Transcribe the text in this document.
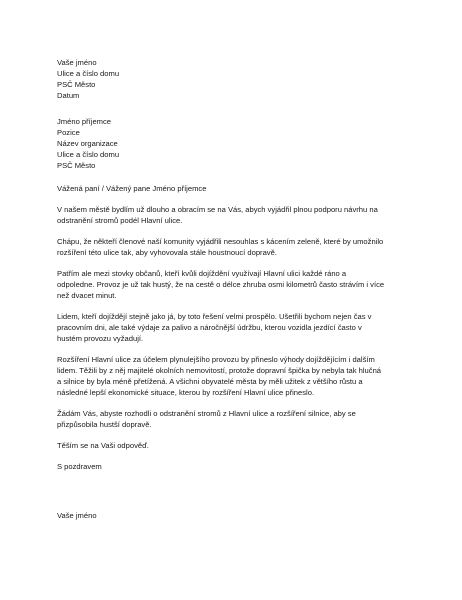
Vaše jméno
Ulice a číslo domu
PSČ Město
Datum
Jméno příjemce
Pozice
Název organizace
Ulice a číslo domu
PSČ Město
Vážená paní / Vážený pane Jméno příjemce

V našem městě bydlím už dlouho a obracím se na Vás, abych vyjádřil plnou podporu návrhu na
odstranění stromů podél Hlavní ulice.

Chápu, že někteří členové naší komunity vyjádřili nesouhlas s kácením zeleně, které by umožnilo
rozšíření této ulice tak, aby vyhovovala stále houstnoucí dopravě.

Patřím ale mezi stovky občanů, kteří kvůli dojíždění využívají Hlavní ulici každé ráno a
odpoledne. Provoz je už tak hustý, že na cestě o délce zhruba osmi kilometrů často strávím i více
než dvacet minut.

Lidem, kteří dojíždějí stejně jako já, by toto řešení velmi prospělo. Ušetřili bychom nejen čas v
pracovním dni, ale také výdaje za palivo a náročnější údržbu, kterou vozidla jezdící často v
hustém provozu vyžadují.

Rozšíření Hlavní ulice za účelem plynulejšího provozu by přineslo výhody dojíždějícím i dalším
lidem. Těžili by z něj majitelé okolních nemovitostí, protože dopravní špička by nebyla tak hlučná
a silnice by byla méně přetížená. A všichni obyvatelé města by měli užitek z většího růstu a
následné lepší ekonomické situace, kterou by rozšíření Hlavní ulice přineslo.

Žádám Vás, abyste rozhodli o odstranění stromů z Hlavní ulice a rozšíření silnice, aby se
přizpůsobila hustší dopravě.

Těším se na Vaši odpověď.

S pozdravem
Vaše jméno
